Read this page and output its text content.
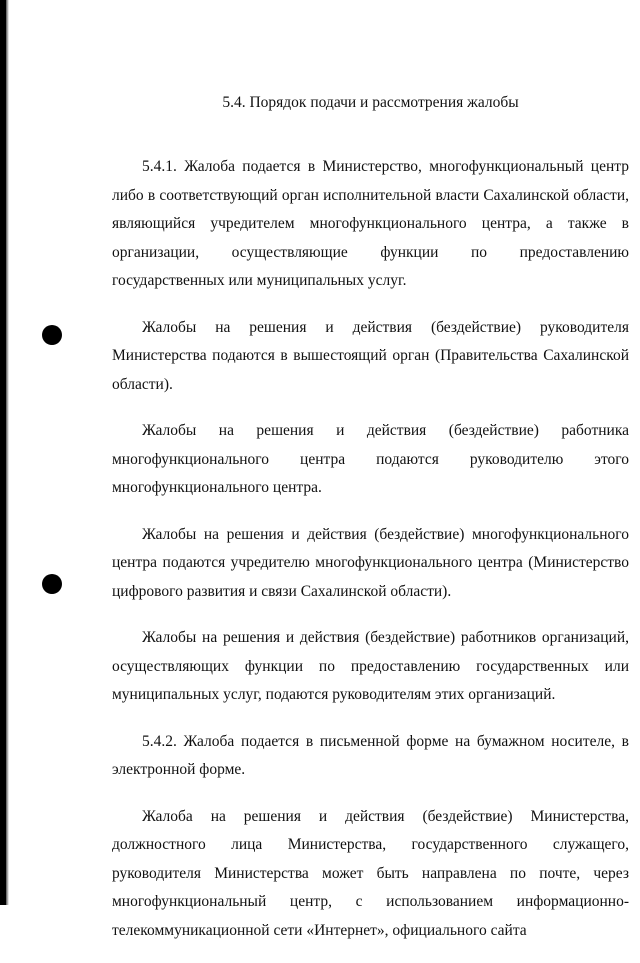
5.4. Порядок подачи и рассмотрения жалобы

5.4.1. Жалоба подается в Министерство, многофункциональный центр либо в соответствующий орган исполнительной власти Сахалинской области, являющийся учредителем многофункционального центра, а также в организации, осуществляющие функции по предоставлению государственных или муниципальных услуг.

Жалобы на решения и действия (бездействие) руководителя Министерства подаются в вышестоящий орган (Правительства Сахалинской области).

Жалобы на решения и действия (бездействие) работника многофункционального центра подаются руководителю этого многофункционального центра.

Жалобы на решения и действия (бездействие) многофункционального центра подаются учредителю многофункционального центра (Министерство цифрового развития и связи Сахалинской области).

Жалобы на решения и действия (бездействие) работников организаций, осуществляющих функции по предоставлению государственных или муниципальных услуг, подаются руководителям этих организаций.

5.4.2. Жалоба подается в письменной форме на бумажном носителе, в электронной форме.

Жалоба на решения и действия (бездействие) Министерства, должностного лица Министерства, государственного служащего, руководителя Министерства может быть направлена по почте, через многофункциональный центр, с использованием информационно-телекоммуникационной сети «Интернет», официального сайта
